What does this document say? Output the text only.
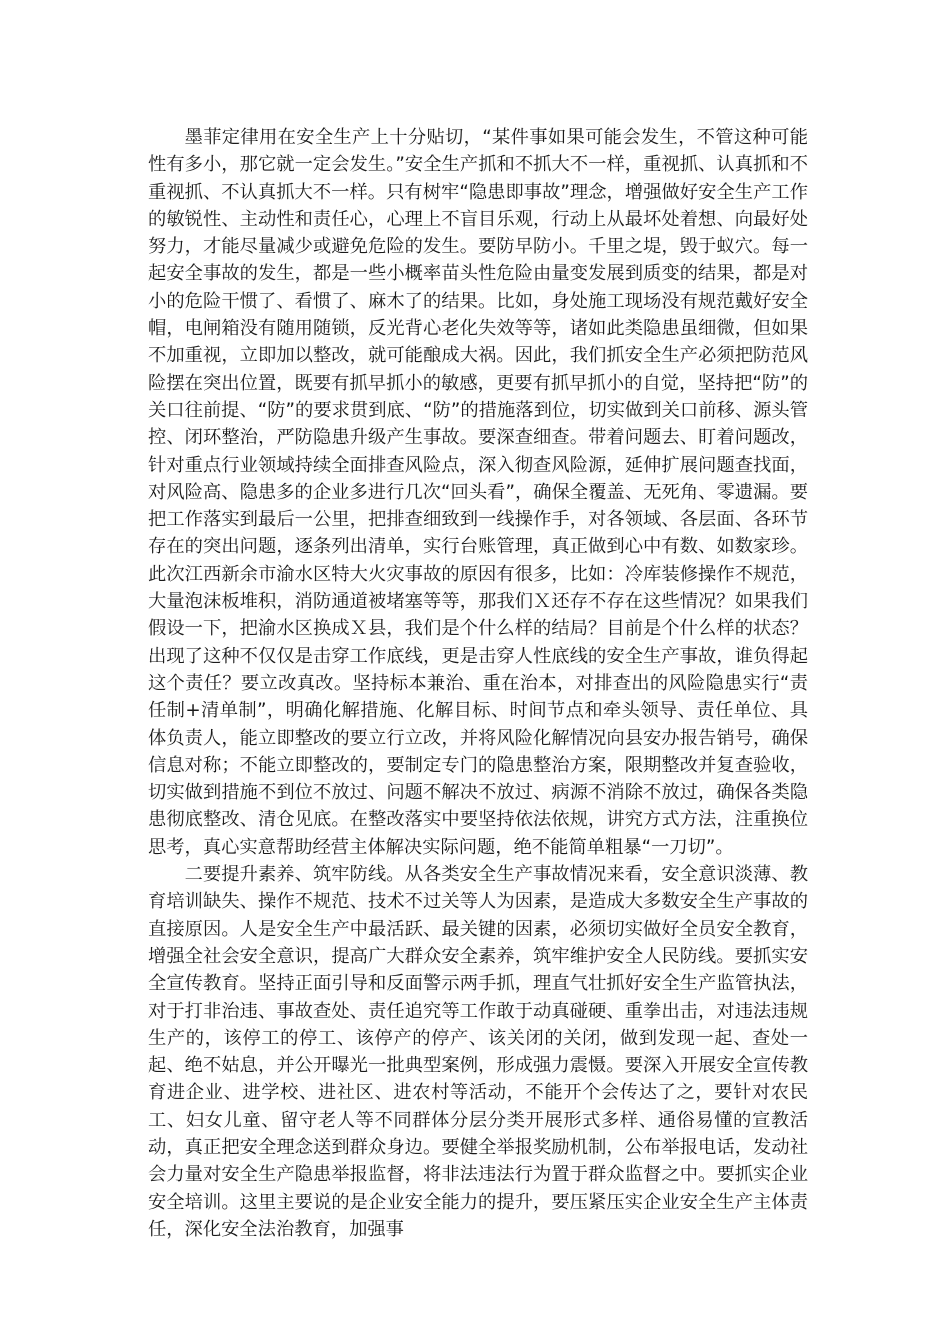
墨菲定律用在安全生产上十分贴切，“某件事如果可能会发生，不管这种可能性有多小，那它就一定会发生。”安全生产抓和不抓大不一样，重视抓、认真抓和不重视抓、不认真抓大不一样。只有树牢“隐患即事故”理念，增强做好安全生产工作的敏锐性、主动性和责任心，心理上不盲目乐观，行动上从最坏处着想、向最好处努力，才能尽量减少或避免危险的发生。要防早防小。千里之堤，毁于蚁穴。每一起安全事故的发生，都是一些小概率苗头性危险由量变发展到质变的结果，都是对小的危险干惯了、看惯了、麻木了的结果。比如，身处施工现场没有规范戴好安全帽，电闸箱没有随用随锁，反光背心老化失效等等，诸如此类隐患虽细微，但如果不加重视，立即加以整改，就可能酿成大祸。因此，我们抓安全生产必须把防范风险摆在突出位置，既要有抓早抓小的敏感，更要有抓早抓小的自觉，坚持把“防”的关口往前提、“防”的要求贯到底、“防”的措施落到位，切实做到关口前移、源头管控、闭环整治，严防隐患升级产生事故。要深查细查。带着问题去、盯着问题改，针对重点行业领域持续全面排查风险点，深入彻查风险源，延伸扩展问题查找面，对风险高、隐患多的企业多进行几次“回头看”，确保全覆盖、无死角、零遗漏。要把工作落实到最后一公里，把排查细致到一线操作手，对各领域、各层面、各环节存在的突出问题，逐条列出清单，实行台账管理，真正做到心中有数、如数家珍。此次江西新余市渝水区特大火灾事故的原因有很多，比如：冷库装修操作不规范，大量泡沫板堆积，消防通道被堵塞等等，那我们Ｘ还存不存在这些情况？如果我们假设一下，把渝水区换成Ｘ县，我们是个什么样的结局？目前是个什么样的状态？出现了这种不仅仅是击穿工作底线，更是击穿人性底线的安全生产事故，谁负得起这个责任？要立改真改。坚持标本兼治、重在治本，对排查出的风险隐患实行“责任制+清单制”，明确化解措施、化解目标、时间节点和牵头领导、责任单位、具体负责人，能立即整改的要立行立改，并将风险化解情况向县安办报告销号，确保信息对称；不能立即整改的，要制定专门的隐患整治方案，限期整改并复查验收，切实做到措施不到位不放过、问题不解决不放过、病源不消除不放过，确保各类隐患彻底整改、清仓见底。在整改落实中要坚持依法依规，讲究方式方法，注重换位思考，真心实意帮助经营主体解决实际问题，绝不能简单粗暴“一刀切”。

二要提升素养、筑牢防线。从各类安全生产事故情况来看，安全意识淡薄、教育培训缺失、操作不规范、技术不过关等人为因素，是造成大多数安全生产事故的直接原因。人是安全生产中最活跃、最关键的因素，必须切实做好全员安全教育，增强全社会安全意识，提高广大群众安全素养，筑牢维护安全人民防线。要抓实安全宣传教育。坚持正面引导和反面警示两手抓，理直气壮抓好安全生产监管执法，对于打非治违、事故查处、责任追究等工作敢于动真碰硬、重拳出击，对违法违规生产的，该停工的停工、该停产的停产、该关闭的关闭，做到发现一起、查处一起、绝不姑息，并公开曝光一批典型案例，形成强力震慑。要深入开展安全宣传教育进企业、进学校、进社区、进农村等活动，不能开个会传达了之，要针对农民工、妇女儿童、留守老人等不同群体分层分类开展形式多样、通俗易懂的宣教活动，真正把安全理念送到群众身边。要健全举报奖励机制，公布举报电话，发动社会力量对安全生产隐患举报监督，将非法违法行为置于群众监督之中。要抓实企业安全培训。这里主要说的是企业安全能力的提升，要压紧压实企业安全生产主体责任，深化安全法治教育，加强事
